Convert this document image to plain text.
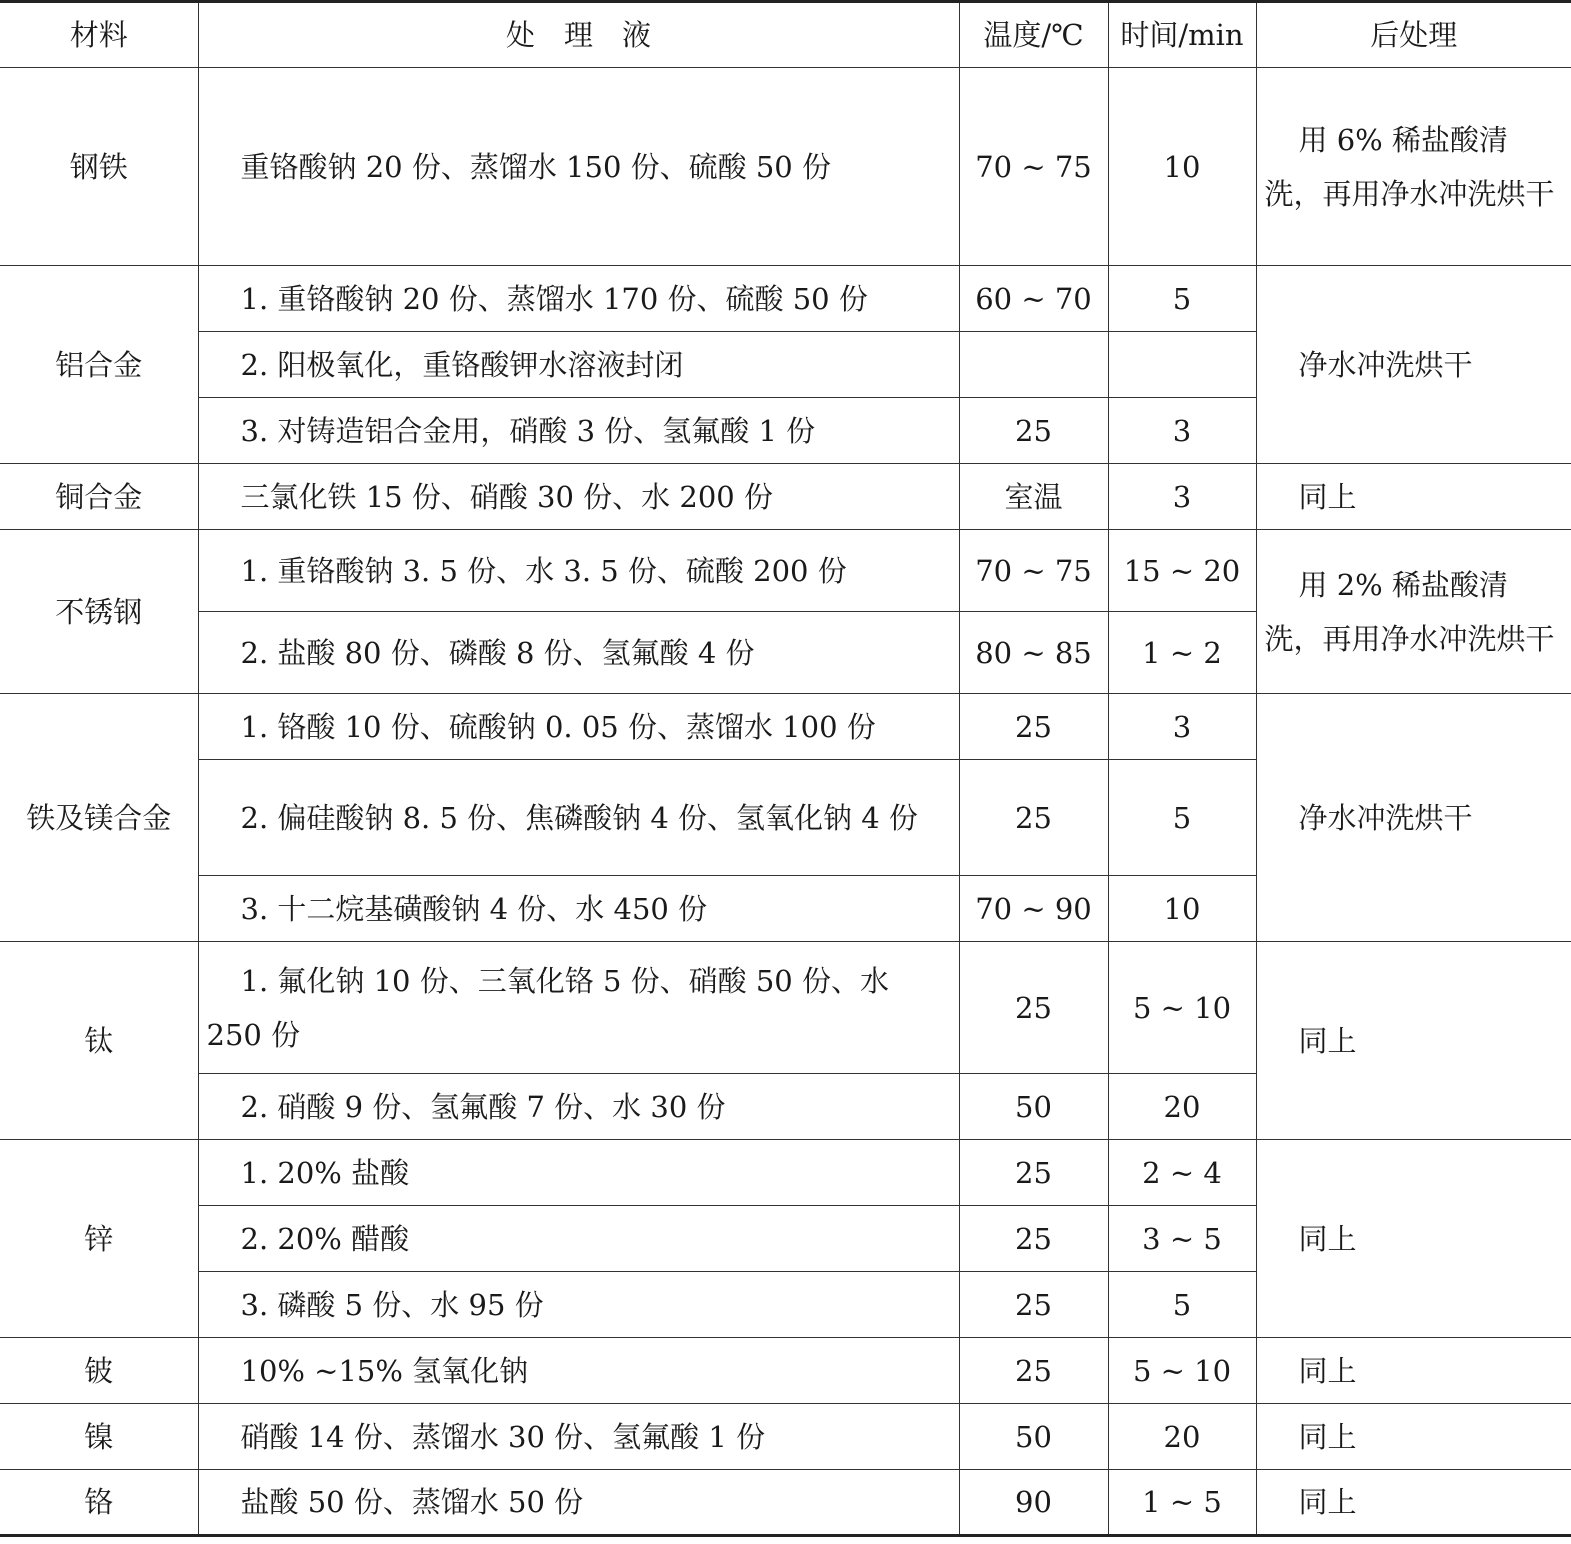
材料	处　理　液	温度/℃	时间/min	后处理
钢铁	重铬酸钠 20 份、蒸馏水 150 份、硫酸 50 份	70 ~ 75	10	用 6% 稀盐酸清洗，再用净水冲洗烘干
铝合金	1. 重铬酸钠 20 份、蒸馏水 170 份、硫酸 50 份	60 ~ 70	5	净水冲洗烘干
	2. 阳极氧化，重铬酸钾水溶液封闭			
	3. 对铸造铝合金用，硝酸 3 份、氢氟酸 1 份	25	3	
铜合金	三氯化铁 15 份、硝酸 30 份、水 200 份	室温	3	同上
不锈钢	1. 重铬酸钠 3. 5 份、水 3. 5 份、硫酸 200 份	70 ~ 75	15 ~ 20	用 2% 稀盐酸清洗，再用净水冲洗烘干
	2. 盐酸 80 份、磷酸 8 份、氢氟酸 4 份	80 ~ 85	1 ~ 2	
铁及镁合金	1. 铬酸 10 份、硫酸钠 0. 05 份、蒸馏水 100 份	25	3	净水冲洗烘干
	2. 偏硅酸钠 8. 5 份、焦磷酸钠 4 份、氢氧化钠 4 份	25	5	
	3. 十二烷基磺酸钠 4 份、水 450 份	70 ~ 90	10	
钛	1. 氟化钠 10 份、三氧化铬 5 份、硝酸 50 份、水 250 份	25	5 ~ 10	同上
	2. 硝酸 9 份、氢氟酸 7 份、水 30 份	50	20	
锌	1. 20% 盐酸	25	2 ~ 4	同上
	2. 20% 醋酸	25	3 ~ 5	
	3. 磷酸 5 份、水 95 份	25	5	
铍	10% ~15% 氢氧化钠	25	5 ~ 10	同上
镍	硝酸 14 份、蒸馏水 30 份、氢氟酸 1 份	50	20	同上
铬	盐酸 50 份、蒸馏水 50 份	90	1 ~ 5	同上
